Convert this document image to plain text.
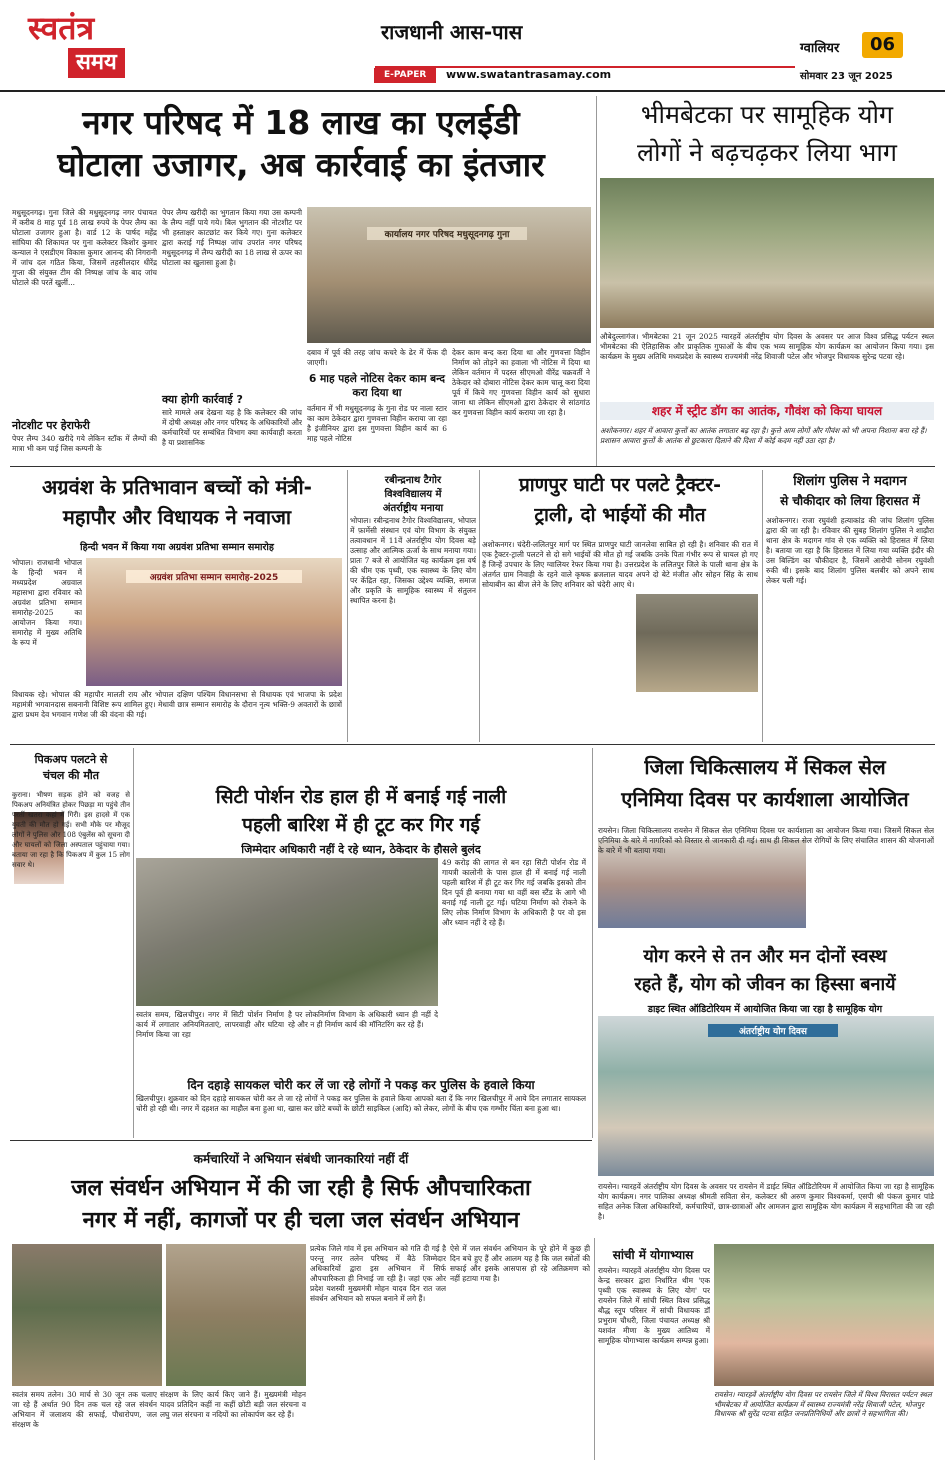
स्वतंत्र
समय
राजधानी आस-पास
E-PAPER	www.swatantrasamay.com
ग्वालियर	06
सोमवार 23 जून 2025
नगर परिषद में 18 लाख का एलईडी
घोटाला उजागर, अब कार्रवाई का इंतजार
मधुसूदनगढ़। गुना जिले की मधुसूदनगढ़ नगर पंचायत में करीब 8 माह पूर्व 18 लाख रुपये के पेपर लैम्प का घोटाला उजागर हुआ है। वार्ड 12 के पार्षद महेंद्र सांघिया की शिकायत पर गुना कलेक्टर किशोर कुमार कन्याल ने एसडीएम विकास कुमार आनन्द की निगरानी में जांच दल गठित किया, जिसमें तहसीलदार धीरेंद्र गुप्ता की संयुक्त टीम की निष्पक्ष जांच के बाद जांच घोटाले की परतें खुलीं...
नोटशीट पर हेराफेरी
पेपर लैम्प 340 खरीदे गये लेकिन स्टॉक में लैम्पों की मात्रा भी कम पाई जिस कम्पनी के
पेपर लैम्प खरीदी का भुगतान किया गया उस कम्पनी के लैम्प नहीं पाये गये। बिल भुगतान की नोटशीट पर भी हस्ताक्षर काटछांट कर किये गए। गुना कलेक्टर द्वारा कराई गई निष्पक्ष जांच उपरांत नगर परिषद मधुसूदनगढ़ में लैम्प खरीदी का 18 लाख से ऊपर का घोटाला का खुलासा हुआ है।
क्या होगी कार्रवाई ?
सारे मामले अब देखना यह है कि कलेक्टर की जांच में दोषी अध्यक्ष और नगर परिषद के अधिकारियों और कर्मचारियों पर सम्बंधित विभाग क्या कार्यवाही करता है या प्रशासनिक
कार्यालय नगर परिषद मधुसूदनगढ़ गुना
दबाव में पूर्व की तरह जांच कचरे के ढेर में फेंक दी जाएगी।
6 माह पहले नोटिस देकर काम बन्द करा दिया था
वर्तमान में भी मधुसूदनगढ़ के गुना रोड पर नाला स्टार का काम ठेकेदार द्वारा गुणवत्ता विहीन कराया जा रहा है इंजीनियर द्वारा इस गुणवत्ता विहीन कार्य का 6 माह पहले नोटिस
देकर काम बन्द करा दिया था और गुणवत्ता विहीन निर्माण को तोड़ने का हवाला भी नोटिस में दिया था लेकिन वर्तमान में पदस्त सीएमओ वीरेंद्र चक्रवर्ती ने ठेकेदार को दोबारा नोटिस देकर काम चालू करा दिया पूर्व में किये गए गुणवत्ता विहीन कार्य को सुधारा जाना था लेकिन सीएमओ द्वारा ठेकेदार से सांठगांठ कर गुणवत्ता विहीन कार्य कराया जा रहा है।
भीमबेटका पर सामूहिक योग
लोगों ने बढ़चढ़कर लिया भाग
औबेदुल्लागंज। भीमबेटका 21 जून 2025 ग्यारहवें अंतर्राष्ट्रीय योग दिवस के अवसर पर आज विश्व प्रसिद्ध पर्यटन स्थल भीमबेटका की ऐतिहासिक और प्राकृतिक गुफाओं के बीच एक भव्य सामूहिक योग कार्यक्रम का आयोजन किया गया। इस कार्यक्रम के मुख्य अतिथि मध्यप्रदेश के स्वास्थ्य राज्यमंत्री नरेंद्र शिवाजी पटेल और भोजपुर विधायक सुरेन्द्र पटवा रहे।
शहर में स्ट्रीट डॉग का आतंक, गौवंश को किया घायल
अशोकनगर। शहर में आवारा कुत्तों का आतंक लगातार बढ़ रहा है। कुत्ते आम लोगों और गौवंश को भी अपना निशाना बना रहे हैं। प्रशासन आवारा कुत्तों के आतंक से छुटकारा दिलाने की दिशा में कोई कदम नहीं उठा रहा है।
अग्रवंश के प्रतिभावान बच्चों को मंत्री-
महापौर और विधायक ने नवाजा
हिन्दी भवन में किया गया अग्रवंश प्रतिभा सम्मान समारोह
भोपाल। राजधानी भोपाल के हिन्दी भवन में मध्यप्रदेश अग्रवाल महासभा द्वारा रविवार को अग्रवंश प्रतिभा सम्मान समारोह-2025 का आयोजन किया गया। समारोह में मुख्य अतिथि के रूप में
अग्रवंश प्रतिभा सम्मान समारोह-2025
विधायक रहे। भोपाल की महापौर मालती राय और भोपाल दक्षिण पश्चिम विधानसभा से विधायक एवं भाजपा के प्रदेश महामंत्री भगवानदास सबनानी विशिष्ट रूप शामिल हुए। मेधावी छात्र सम्मान समारोह के दौरान नृत्य भक्ति-9 अवतारों के छात्रों द्वारा प्रथम देव भगवान गणेश जी की वंदना की गई।
रबीन्द्रनाथ टैगोर
विश्वविद्यालय में
अंतर्राष्ट्रीय मनाया
भोपाल। रबीन्द्रनाथ टैगोर विश्वविद्यालय, भोपाल में फ़ार्मेसी संस्थान एवं योग विभाग के संयुक्त तत्वावधान में 11वें अंतर्राष्ट्रीय योग दिवस बड़े उत्साह और आत्मिक ऊर्जा के साथ मनाया गया। प्रातः 7 बजे से आयोजित यह कार्यक्रम इस वर्ष की थीम एक पृथ्वी, एक स्वास्थ्य के लिए योग पर केंद्रित रहा, जिसका उद्देश्य व्यक्ति, समाज और प्रकृति के सामूहिक स्वास्थ्य में संतुलन स्थापित करना है।
प्राणपुर घाटी पर पलटे ट्रैक्टर-
ट्राली, दो भाईयों की मौत
अशोकनगर। चंदेरी-ललितपुर मार्ग पर स्थित प्राणपुर घाटी जानलेवा साबित हो रही है। शनिवार की रात में एक ट्रैक्टर-ट्राली पलटने से दो सगे भाईयों की मौत हो गई जबकि उनके पिता गंभीर रूप से घायल हो गए हैं जिन्हें उपचार के लिए ग्वालियर रेफर किया गया है। उत्तरप्रदेश के ललितपुर जिले के पाली थाना क्षेत्र के अंतर्गत ग्राम निवाही के रहने वाले कृषक ब्रजलाल यादव अपने दो बेटे मंजीत और सोहन सिंह के साथ सोयाबीन का बीज लेने के लिए शनिवार को चंदेरी आए थे।
शिलांग पुलिस ने मदागन
से चौकीदार को लिया हिरासत में
अशोकनगर। राजा रघुवंशी हत्याकांड की जांच शिलांग पुलिस द्वारा की जा रही है। रविवार की सुबह शिलांग पुलिस ने शाढ़ौरा थाना क्षेत्र के मदागन गांव से एक व्यक्ति को हिरासत में लिया है। बताया जा रहा है कि हिरासत में लिया गया व्यक्ति इंदौर की उस बिल्डिंग का चौकीदार है, जिसमें आरोपी सोनम रघुवंशी रुकी थी। इसके बाद शिलांग पुलिस बलबीर को अपने साथ लेकर चली गई।
पिकअप पलटने से
चंचल की मौत
कुराना। भीषण सड़क होने को वजह से पिकअप अनियंत्रित होकर पिछड़ा मा पहुंचे तीन परतीं खतरा कहां में गिरी। इस हादसे में एक युवती की मौत हो गई। सभी मौके पर मौजूद लोगों ने पुलिस और 108 एंबुलेंस को सूचना दी और घायलों को जिला अस्पताल पहुंचाया गया। बताया जा रहा है कि पिकअप में कुल 15 लोग सवार थे।
सिटी पोर्शन रोड हाल ही में बनाई गई नाली
पहली बारिश में ही टूट कर गिर गई
जिम्मेदार अधिकारी नहीं दे रहे ध्यान, ठेकेदार के हौसले बुलंद
49 करोड़ की लागत से बन रहा सिटी पोर्शन रोड में गायत्री कालोनी के पास हाल ही में बनाई गई नाली पहली बारिश में ही टूट कर गिर गई जबकि इसको तीन दिन पूर्व ही बनाया गया था वहीं बस स्टैंड के आगे भी बनाई गई नाली टूट गई। घटिया निर्माण को रोकने के लिए लोक निर्माण विभाग के अधिकारी है पर वो इस और ध्यान नहीं दे रहे हैं।
स्वतंत्र समय, खिलचीपुर। नगर में सिटी पोर्शन निर्माण कार्य में लगातार अनियमितताएं, लापरवाही और घटिया निर्माण किया जा रहा
है पर लोकनिर्माण विभाग के अधिकारी ध्यान ही नहीं दे रहे और न ही निर्माण कार्य की मॉनिटरिंग कर रहे हैं।
दिन दहाड़े सायकल चोरी कर लें जा रहे लोगों ने पकड़ कर पुलिस के हवाले किया
खिलचीपुर। शुक्रवार को दिन दहाड़े सायकल चोरी कर ले जा रहे लोगों ने पकड़ कर पुलिस के हवाले किया आपको बता दें कि नगर खिलचीपुर में आये दिन लगातार सायकल चोरी हो रही थी। नगर में दहशत का माहौल बना हुआ था, खास कर छोटे बच्चों के छोटी साइकिल (आदि) को लेकर, लोगों के बीच एक गम्भीर चिंता बना हुआ था।
जिला चिकित्सालय में सिकल सेल
एनिमिया दिवस पर कार्यशाला आयोजित
रायसेन। जिला चिकित्सालय रायसेन में सिकल सेल एनिमिया दिवस पर कार्यशाला का आयोजन किया गया। जिसमें सिकल सेल एनिमिया के बारे में नागरिकों को विस्तार से जानकारी दी गई। साथ ही सिकल सेल रोगियों के लिए संचालित शासन की योजनाओं के बारे में भी बताया गया।
योग करने से तन और मन दोनों स्वस्थ
रहते हैं, योग को जीवन का हिस्सा बनायें
डाइट स्थित ऑडिटोरियम में आयोजित किया जा रहा है सामूहिक योग
अंतर्राष्ट्रीय योग दिवस
रायसेन। ग्यारहवें अंतर्राष्ट्रीय योग दिवस के अवसर पर रायसेन में डाईट स्थित ऑडिटोरियम में आयोजित किया जा रहा है सामूहिक योग कार्यक्रम। नगर पालिका अध्यक्ष श्रीमती सविता सेन, कलेक्टर श्री अरुण कुमार विश्वकर्मा, एसपी श्री पंकज कुमार पांडे सहित अनेक जिला अधिकारियों, कर्मचारियों, छात्र-छात्राओं और आमजन द्वारा सामूहिक योग कार्यक्रम में सहभागिता की जा रही है।
कर्मचारियों ने अभियान संबंधी जानकारियां नहीं दीं
जल संवर्धन अभियान में की जा रही है सिर्फ औपचारिकता
नगर में नहीं, कागजों पर ही चला जल संवर्धन अभियान
स्वतंत्र समय तलेन। 30 मार्च से 30 जून तक चलाए जा रहे हैं अर्थात 90 दिन तक चल रहे जल संवर्धन अभियान में जलाशय की सफाई, पौधारोपण, जल संरक्षण के
संरक्षण के लिए कार्य किए जाने हैं। मुख्यमंत्री मोहन यादव प्रतिदिन कहीं ना कहीं छोटी बड़ी जल संरचना व लघु जल संरचना व नदियों का लोकार्पण कर रहे हैं।
प्रत्येक जिले गांव में इस अभियान को गति दी गई है परन्तु नगर तलेन परिषद में बैठे जिम्मेदार अधिकारियों द्वारा इस अभियान में सिर्फ औपचारिकता ही निभाई जा रही है। जहां एक ओर प्रदेश यशस्वी मुख्यमंत्री मोहन यादव दिन रात जल संवर्धन अभियान को सफल बनाने में लगे हैं।
ऐसे में जल संवर्धन अभियान के पूरे होने में कुछ ही दिन बचे हुए हैं और आलम यह है कि जल स्त्रोतों की सफाई और इसके आसपास हो रहे अतिक्रमण को नहीं हटाया गया है।
सांची में योगाभ्यास
रायसेन। ग्यारहवें अंतर्राष्ट्रीय योग दिवस पर केन्द्र सरकार द्वारा निर्धारित थीम 'एक पृथ्वी एक स्वास्थ्य के लिए योग' पर रायसेन जिले में सांची स्थित विश्व प्रसिद्ध बौद्ध स्तूप परिसर में सांची विधायक डॉ प्रभुराम चौधरी, जिला पंचायत अध्यक्ष श्री यशवंत मीणा के मुख्य आतिथ्य में सामूहिक योगाभ्यास कार्यक्रम सम्पन्न हुआ।
रायसेन। ग्यारहवें अंतर्राष्ट्रीय योग दिवस पर रायसेन जिले में विश्व विरासत पर्यटन स्थल भीमबेटका में आयोजित कार्यक्रम में स्वास्थ्य राज्यमंत्री नरेंद्र शिवाजी पटेल, भोजपुर विधायक श्री सुरेंद्र पटवा सहित जनप्रतिनिधियों और छात्रों ने सहभागिता की।
